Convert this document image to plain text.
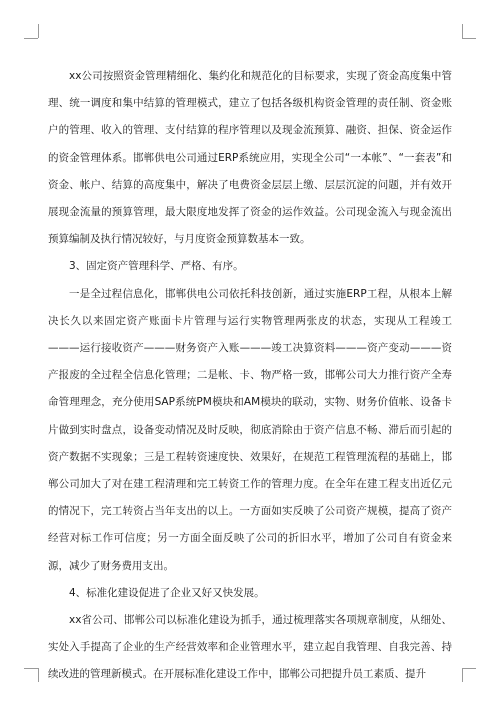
xx公司按照资金管理精细化、集约化和规范化的目标要求，实现了资金高度集中管理、统一调度和集中结算的管理模式，建立了包括各级机构资金管理的责任制、资金账户的管理、收入的管理、支付结算的程序管理以及现金流预算、融资、担保、资金运作的资金管理体系。邯郸供电公司通过ERP系统应用，实现全公司“一本帐”、“一套表”和资金、帐户、结算的高度集中，解决了电费资金层层上缴、层层沉淀的问题，并有效开展现金流量的预算管理，最大限度地发挥了资金的运作效益。公司现金流入与现金流出预算编制及执行情况较好，与月度资金预算数基本一致。

3、固定资产管理科学、严格、有序。

一是全过程信息化，邯郸供电公司依托科技创新，通过实施ERP工程，从根本上解决长久以来固定资产账面卡片管理与运行实物管理两张皮的状态，实现从工程竣工———运行接收资产———财务资产入账———竣工决算资料———资产变动———资产报废的全过程全信息化管理；二是帐、卡、物严格一致，邯郸公司大力推行资产全寿命管理理念，充分使用SAP系统PM模块和AM模块的联动，实物、财务价值帐、设备卡片做到实时盘点，设备变动情况及时反映，彻底消除由于资产信息不畅、滞后而引起的资产数据不实现象；三是工程转资速度快、效果好，在规范工程管理流程的基础上，邯郸公司加大了对在建工程清理和完工转资工作的管理力度。在全年在建工程支出近亿元的情况下，完工转资占当年支出的以上。一方面如实反映了公司资产规模，提高了资产经营对标工作可信度；另一方面全面反映了公司的折旧水平，增加了公司自有资金来源，减少了财务费用支出。

4、标准化建设促进了企业又好又快发展。

xx省公司、邯郸公司以标准化建设为抓手，通过梳理落实各项规章制度，从细处、实处入手提高了企业的生产经营效率和企业管理水平，建立起自我管理、自我完善、持续改进的管理新模式。在开展标准化建设工作中，邯郸公司把提升员工素质、提升
